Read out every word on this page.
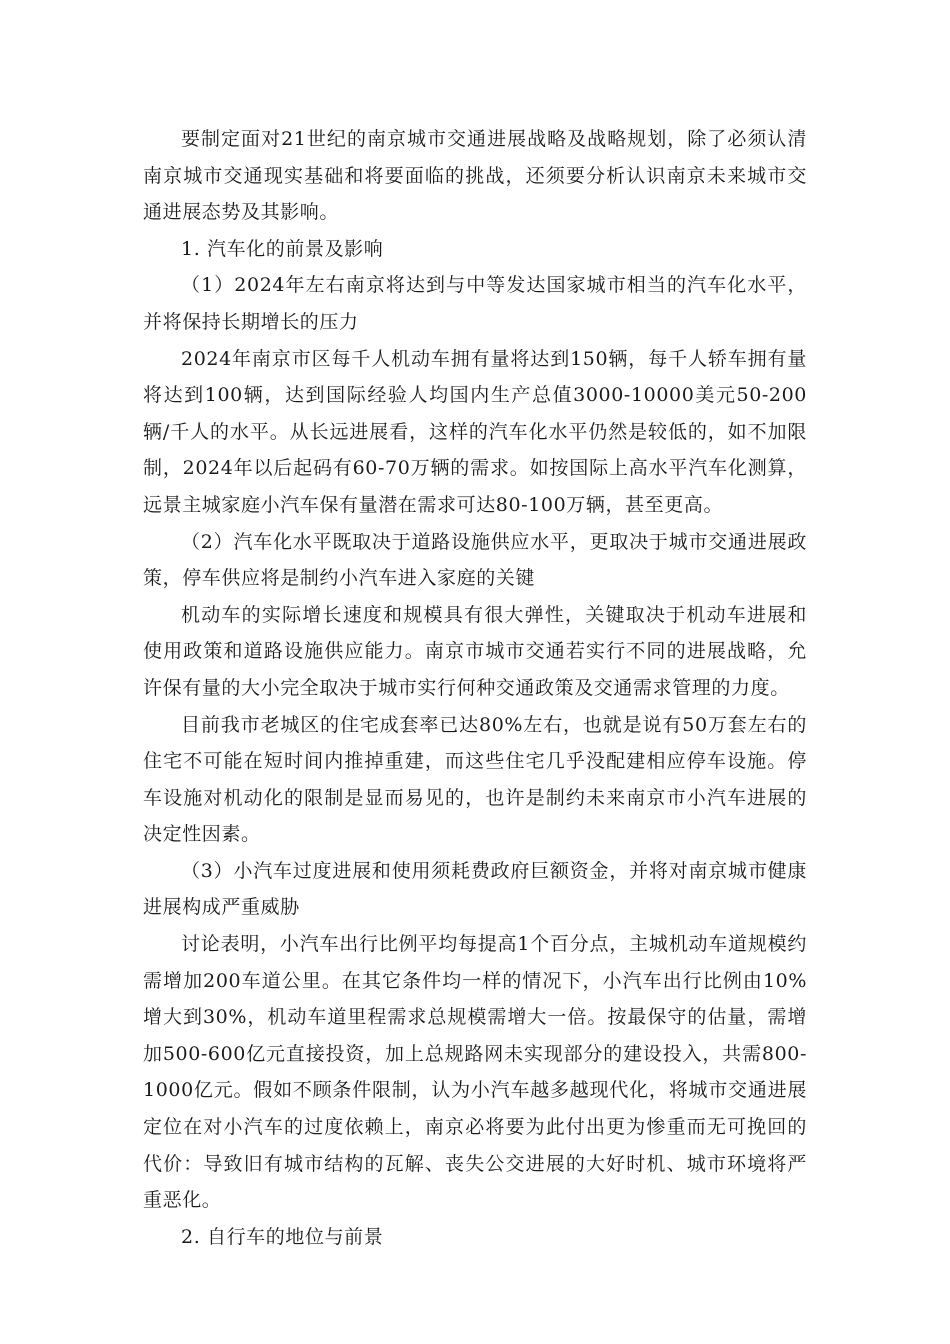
要制定面对21世纪的南京城市交通进展战略及战略规划，除了必须认清南京城市交通现实基础和将要面临的挑战，还须要分析认识南京未来城市交通进展态势及其影响。

1. 汽车化的前景及影响

（1）2024年左右南京将达到与中等发达国家城市相当的汽车化水平，并将保持长期增长的压力

2024年南京市区每千人机动车拥有量将达到150辆，每千人轿车拥有量将达到100辆，达到国际经验人均国内生产总值3000-10000美元50-200辆/千人的水平。从长远进展看，这样的汽车化水平仍然是较低的，如不加限制，2024年以后起码有60-70万辆的需求。如按国际上高水平汽车化测算，远景主城家庭小汽车保有量潜在需求可达80-100万辆，甚至更高。

（2）汽车化水平既取决于道路设施供应水平，更取决于城市交通进展政策，停车供应将是制约小汽车进入家庭的关键

机动车的实际增长速度和规模具有很大弹性，关键取决于机动车进展和使用政策和道路设施供应能力。南京市城市交通若实行不同的进展战略，允许保有量的大小完全取决于城市实行何种交通政策及交通需求管理的力度。

目前我市老城区的住宅成套率已达80%左右，也就是说有50万套左右的住宅不可能在短时间内推掉重建，而这些住宅几乎没配建相应停车设施。停车设施对机动化的限制是显而易见的，也许是制约未来南京市小汽车进展的决定性因素。

（3）小汽车过度进展和使用须耗费政府巨额资金，并将对南京城市健康进展构成严重威胁

讨论表明，小汽车出行比例平均每提高1个百分点，主城机动车道规模约需增加200车道公里。在其它条件均一样的情况下，小汽车出行比例由10%增大到30%，机动车道里程需求总规模需增大一倍。按最保守的估量，需增加500-600亿元直接投资，加上总规路网未实现部分的建设投入，共需800-1000亿元。假如不顾条件限制，认为小汽车越多越现代化，将城市交通进展定位在对小汽车的过度依赖上，南京必将要为此付出更为惨重而无可挽回的代价：导致旧有城市结构的瓦解、丧失公交进展的大好时机、城市环境将严重恶化。

2. 自行车的地位与前景
